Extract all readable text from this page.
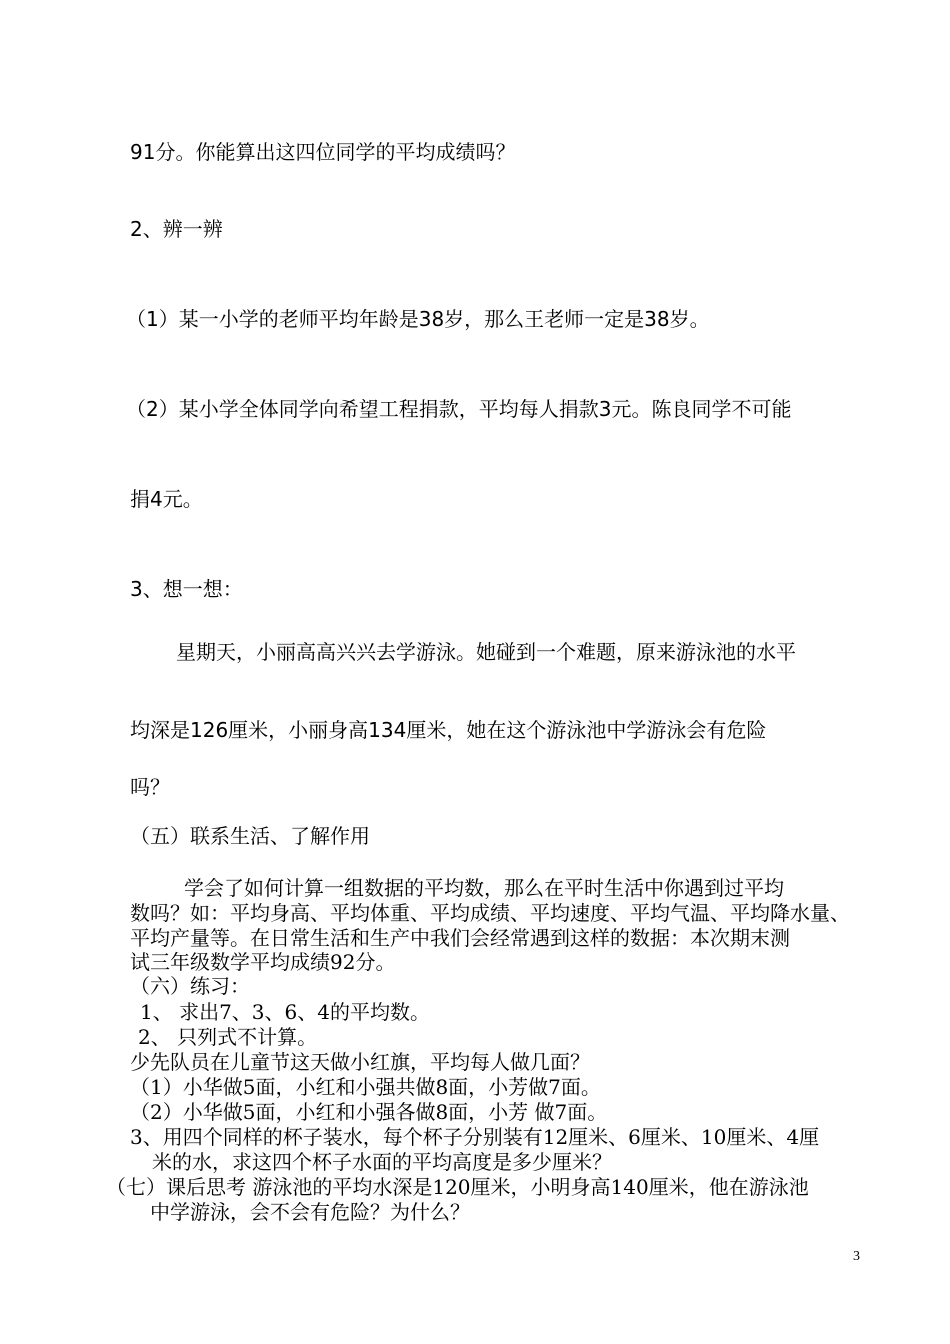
91分。你能算出这四位同学的平均成绩吗？

2、辨一辨

（1）某一小学的老师平均年龄是38岁，那么王老师一定是38岁。

（2）某小学全体同学向希望工程捐款，平均每人捐款3元。陈良同学不可能

捐4元。

3、想一想：

星期天，小丽高高兴兴去学游泳。她碰到一个难题，原来游泳池的水平

均深是126厘米，小丽身高134厘米，她在这个游泳池中学游泳会有危险

吗？

（五）联系生活、了解作用

学会了如何计算一组数据的平均数，那么在平时生活中你遇到过平均

数吗？如：平均身高、平均体重、平均成绩、平均速度、平均气温、平均降水量、

平均产量等。在日常生活和生产中我们会经常遇到这样的数据：本次期末测

试三年级数学平均成绩92分。

（六）练习：

1、 求出7、3、6、4的平均数。

2、 只列式不计算。

少先队员在儿童节这天做小红旗，平均每人做几面？

（1）小华做5面，小红和小强共做8面，小芳做7面。

（2）小华做5面，小红和小强各做8面，小芳 做7面。

3、用四个同样的杯子装水，每个杯子分别装有12厘米、6厘米、10厘米、4厘

米的水，求这四个杯子水面的平均高度是多少厘米？

（七）课后思考 游泳池的平均水深是120厘米，小明身高140厘米，他在游泳池

中学游泳，会不会有危险？为什么？

3
